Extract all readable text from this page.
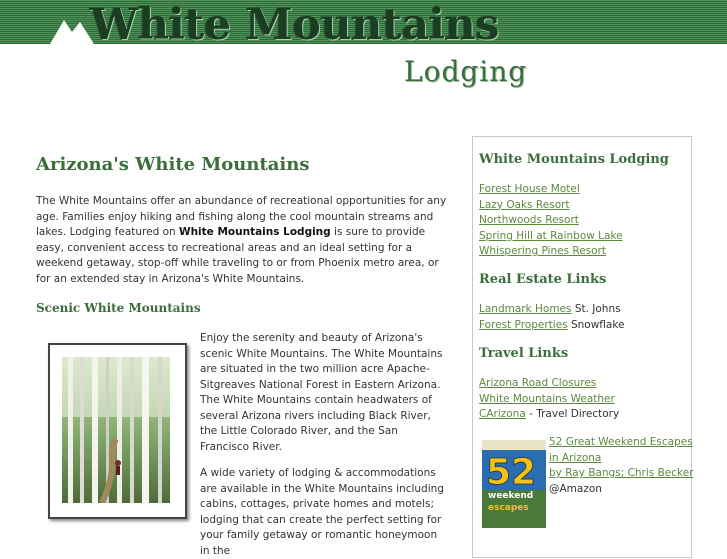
White Mountains
Lodging
Arizona's White Mountains
The White Mountains offer an abundance of recreational opportunities for any age. Families enjoy hiking and fishing along the cool mountain streams and lakes. Lodging featured on White Mountains Lodging is sure to provide easy, convenient access to recreational areas and an ideal setting for a weekend getaway, stop-off while traveling to or from Phoenix metro area, or for an extended stay in Arizona's White Mountains.
Scenic White Mountains
Enjoy the serenity and beauty of Arizona's scenic White Mountains. The White Mountains are situated in the two million acre Apache-Sitgreaves National Forest in Eastern Arizona. The White Mountains contain headwaters of several Arizona rivers including Black River, the Little Colorado River, and the San Francisco River.
A wide variety of lodging & accommodations are available in the White Mountains including cabins, cottages, private homes and motels; lodging that can create the perfect setting for your family getaway or romantic honeymoon in the
White Mountains Lodging
Forest House Motel
Lazy Oaks Resort
Northwoods Resort
Spring Hill at Rainbow Lake
Whispering Pines Resort
Real Estate Links
Landmark Homes St. Johns
Forest Properties Snowflake
Travel Links
Arizona Road Closures
White Mountains Weather
CArizona - Travel Directory
52
weekend
escapes
52 Great Weekend Escapes
in Arizona
by Ray Bangs; Chris Becker
@Amazon
